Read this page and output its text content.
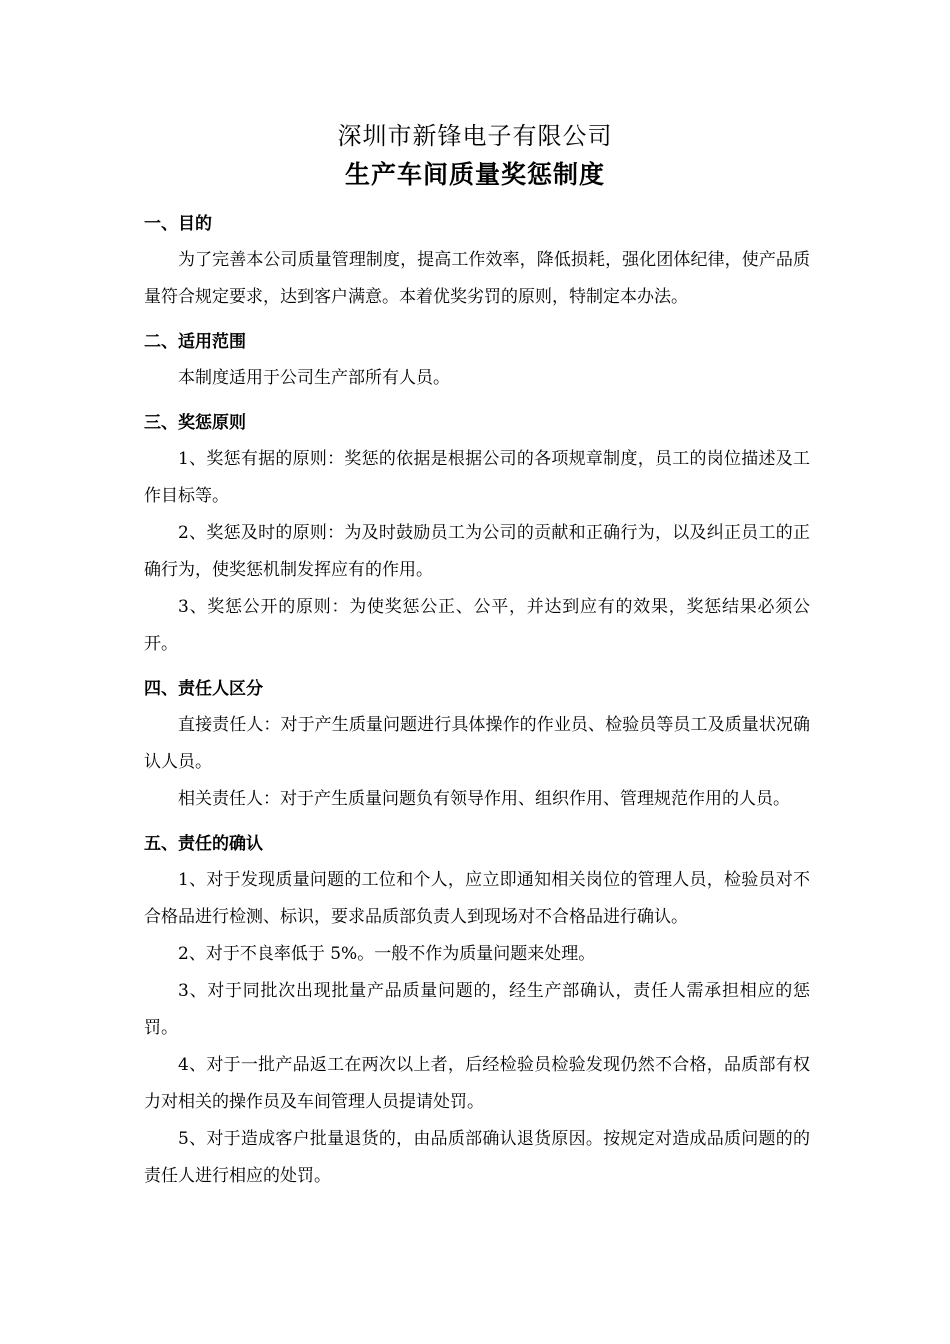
深圳市新锋电子有限公司
生产车间质量奖惩制度
一、目的

为了完善本公司质量管理制度，提高工作效率，降低损耗，强化团体纪律，使产品质量符合规定要求，达到客户满意。本着优奖劣罚的原则，特制定本办法。

二、适用范围

本制度适用于公司生产部所有人员。

三、奖惩原则

1、奖惩有据的原则：奖惩的依据是根据公司的各项规章制度，员工的岗位描述及工作目标等。

2、奖惩及时的原则：为及时鼓励员工为公司的贡献和正确行为，以及纠正员工的正确行为，使奖惩机制发挥应有的作用。

3、奖惩公开的原则：为使奖惩公正、公平，并达到应有的效果，奖惩结果必须公开。

四、责任人区分

直接责任人：对于产生质量问题进行具体操作的作业员、检验员等员工及质量状况确认人员。

相关责任人：对于产生质量问题负有领导作用、组织作用、管理规范作用的人员。

五、责任的确认

1、对于发现质量问题的工位和个人，应立即通知相关岗位的管理人员，检验员对不合格品进行检测、标识，要求品质部负责人到现场对不合格品进行确认。

2、对于不良率低于 5%。一般不作为质量问题来处理。

3、对于同批次出现批量产品质量问题的，经生产部确认，责任人需承担相应的惩罚。

4、对于一批产品返工在两次以上者，后经检验员检验发现仍然不合格，品质部有权力对相关的操作员及车间管理人员提请处罚。

5、对于造成客户批量退货的，由品质部确认退货原因。按规定对造成品质问题的的责任人进行相应的处罚。
